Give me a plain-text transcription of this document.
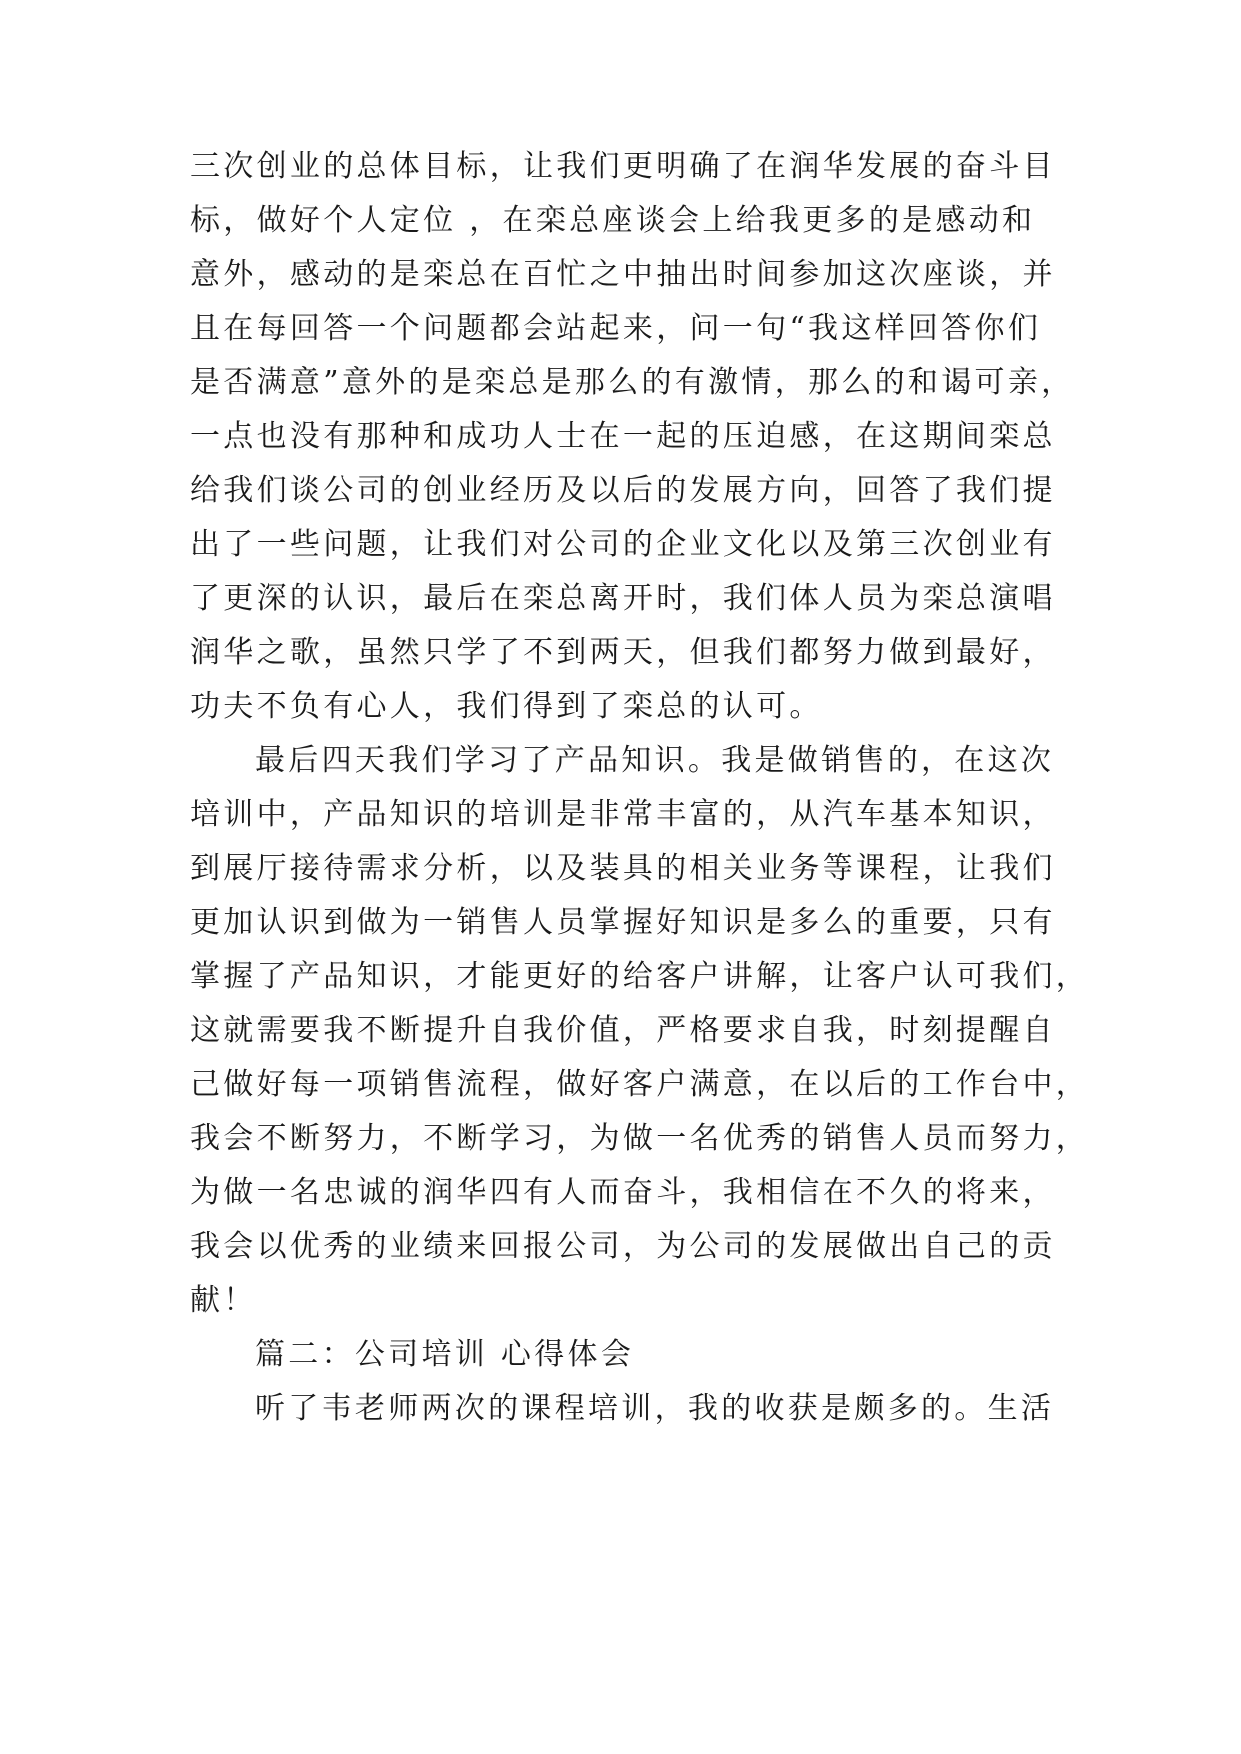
三次创业的总体目标，让我们更明确了在润华发展的奋斗目

标，做好个人定位 ，在栾总座谈会上给我更多的是感动和

意外，感动的是栾总在百忙之中抽出时间参加这次座谈，并

且在每回答一个问题都会站起来，问一句“我这样回答你们

是否满意”意外的是栾总是那么的有激情，那么的和谒可亲，

一点也没有那种和成功人士在一起的压迫感，在这期间栾总

给我们谈公司的创业经历及以后的发展方向，回答了我们提

出了一些问题，让我们对公司的企业文化以及第三次创业有

了更深的认识，最后在栾总离开时，我们体人员为栾总演唱

润华之歌，虽然只学了不到两天，但我们都努力做到最好，

功夫不负有心人，我们得到了栾总的认可。

最后四天我们学习了产品知识。我是做销售的，在这次

培训中，产品知识的培训是非常丰富的，从汽车基本知识，

到展厅接待需求分析，以及装具的相关业务等课程，让我们

更加认识到做为一销售人员掌握好知识是多么的重要，只有

掌握了产品知识，才能更好的给客户讲解，让客户认可我们，

这就需要我不断提升自我价值，严格要求自我，时刻提醒自

己做好每一项销售流程，做好客户满意，在以后的工作台中，

我会不断努力，不断学习，为做一名优秀的销售人员而努力，

为做一名忠诚的润华四有人而奋斗，我相信在不久的将来，

我会以优秀的业绩来回报公司，为公司的发展做出自己的贡

献！

篇二：公司培训 心得体会

听了韦老师两次的课程培训，我的收获是颇多的。生活
